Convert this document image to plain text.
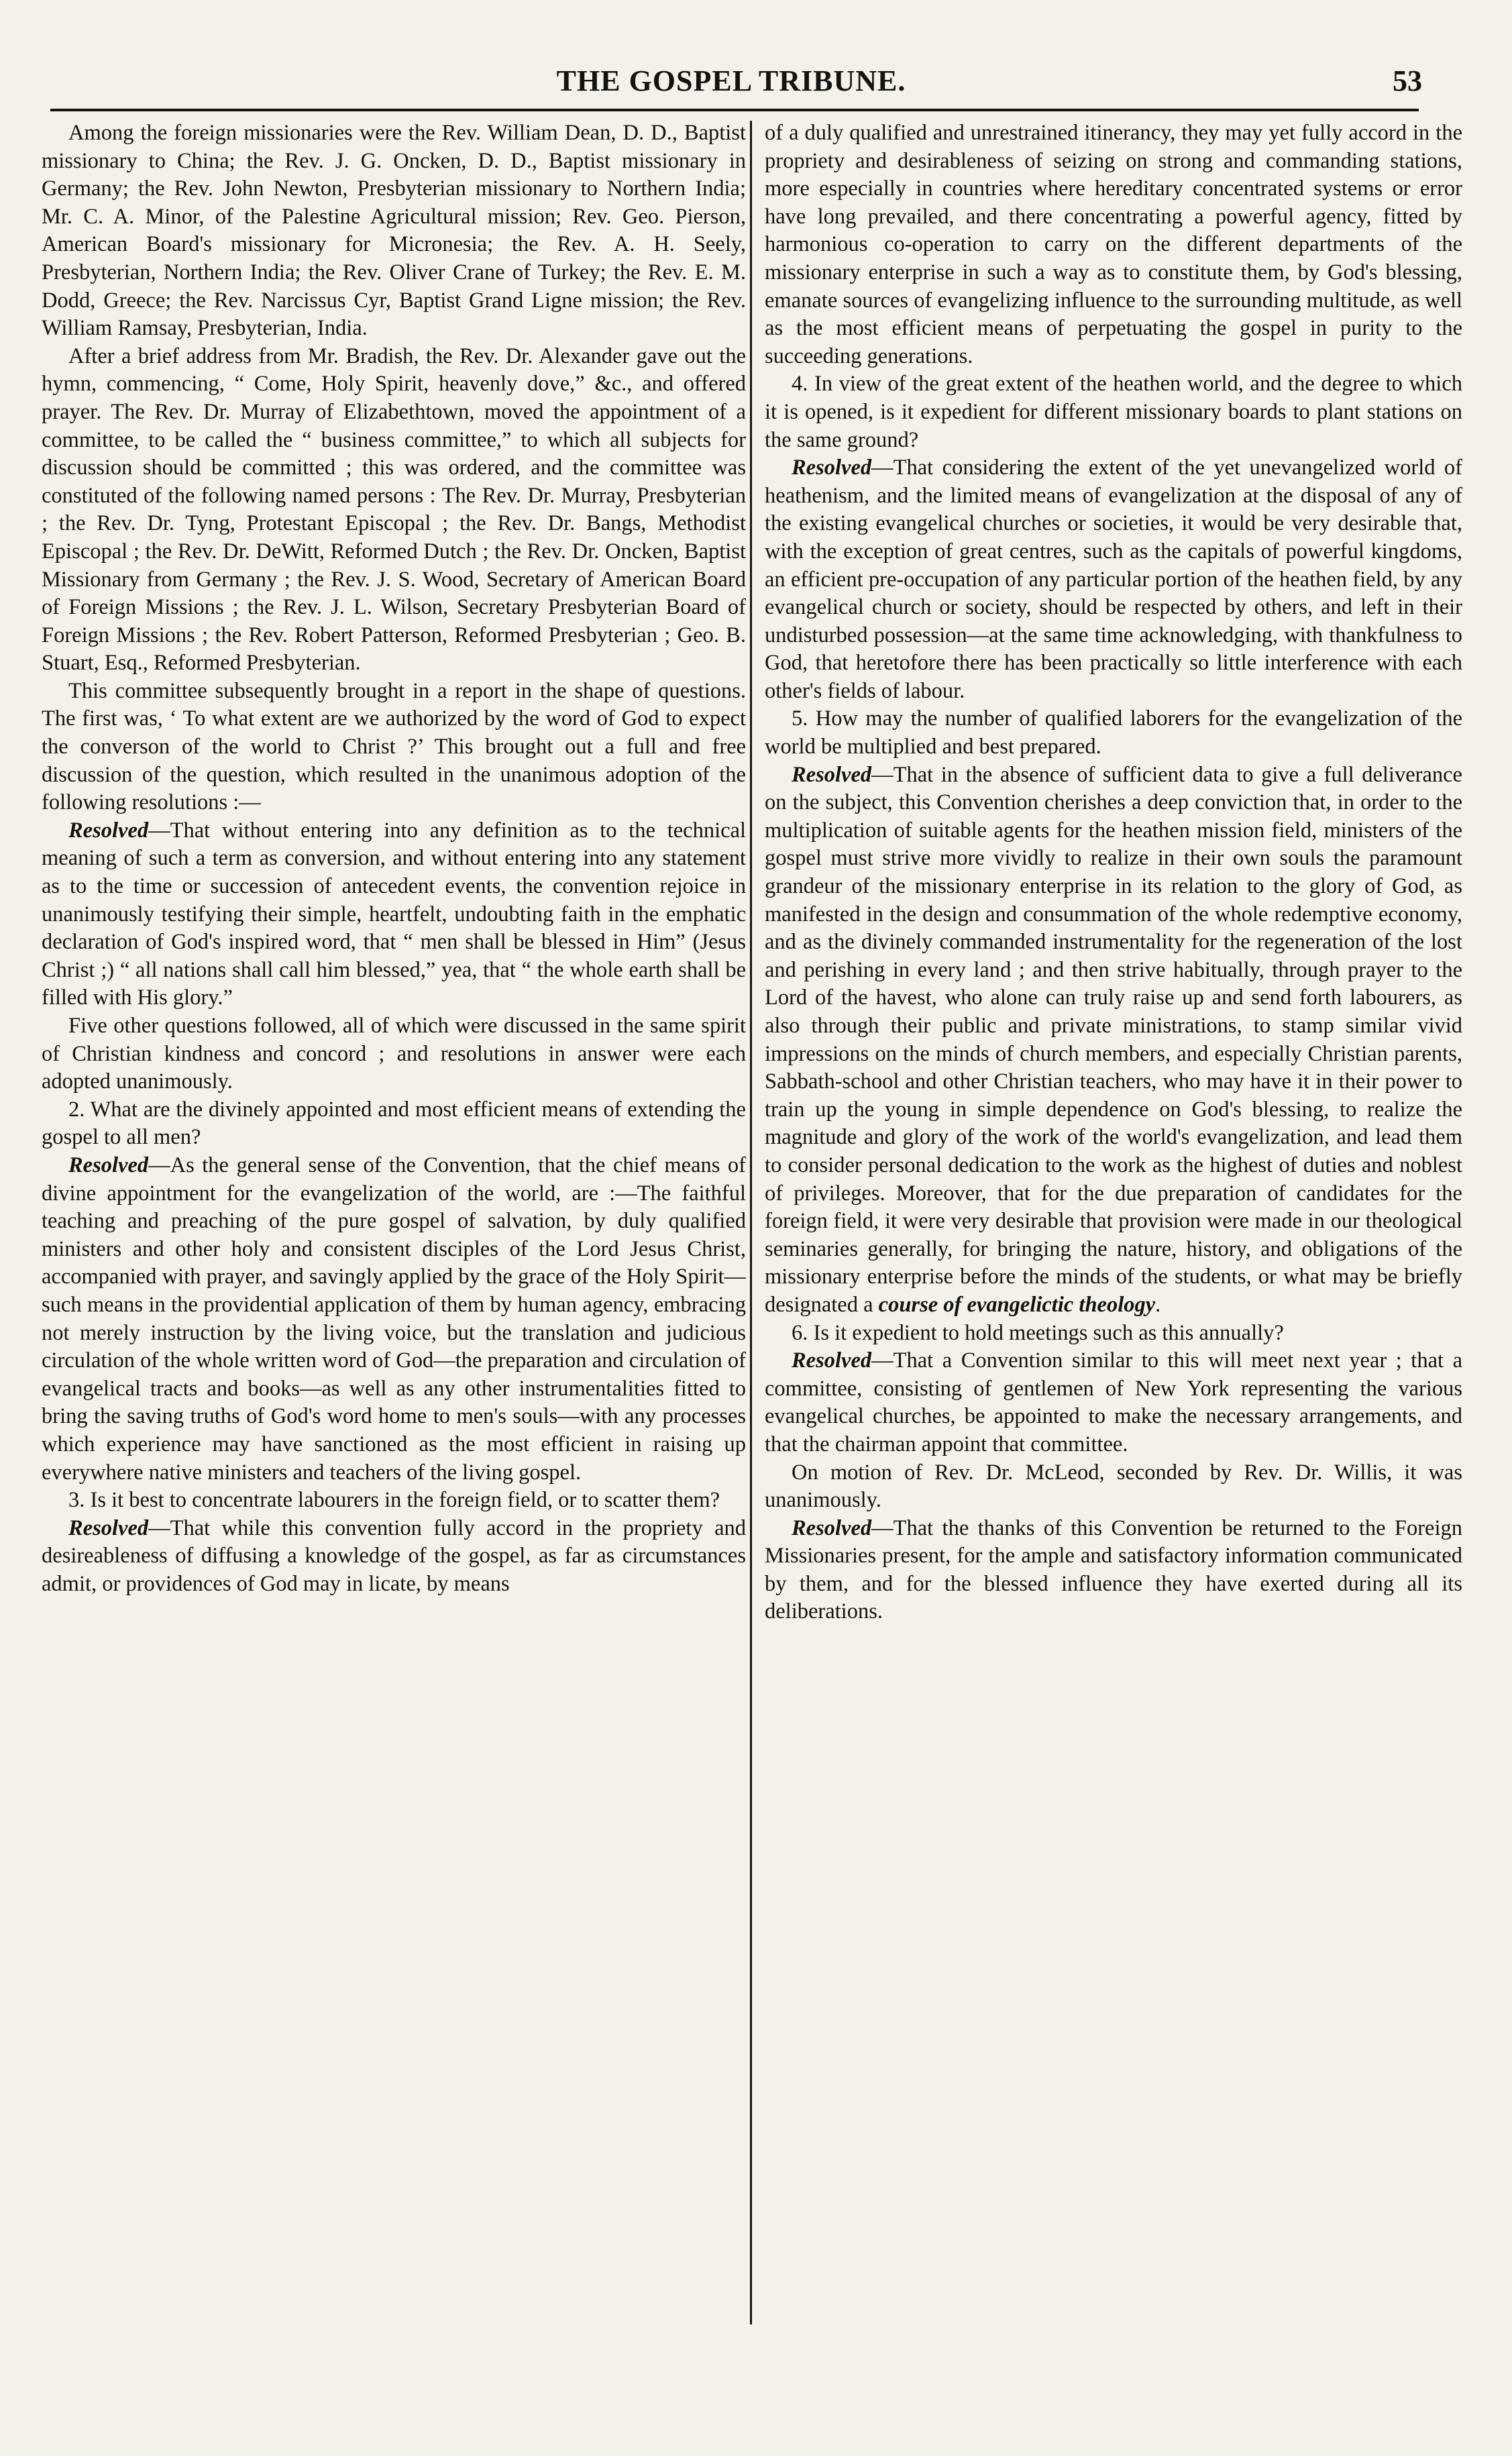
THE GOSPEL TRIBUNE.	53

Among the foreign missionaries were the Rev. William Dean, D. D., Baptist missionary to China; the Rev. J. G. Oncken, D. D., Baptist missionary in Germany; the Rev. John Newton, Presbyterian missionary to Northern India; Mr. C. A. Minor, of the Palestine Agricultural mission; Rev. Geo. Pierson, American Board's missionary for Micronesia; the Rev. A. H. Seely, Presbyterian, Northern India; the Rev. Oliver Crane of Turkey; the Rev. E. M. Dodd, Greece; the Rev. Narcissus Cyr, Baptist Grand Ligne mission; the Rev. William Ramsay, Presbyterian, India.

After a brief address from Mr. Bradish, the Rev. Dr. Alexander gave out the hymn, commencing, “ Come, Holy Spirit, heavenly dove,” &c., and offered prayer. The Rev. Dr. Murray of Elizabethtown, moved the appointment of a committee, to be called the “ business committee,” to which all subjects for discussion should be committed ; this was ordered, and the committee was constituted of the following named persons : The Rev. Dr. Murray, Presbyterian ; the Rev. Dr. Tyng, Protestant Episcopal ; the Rev. Dr. Bangs, Methodist Episcopal ; the Rev. Dr. DeWitt, Reformed Dutch ; the Rev. Dr. Oncken, Baptist Missionary from Germany ; the Rev. J. S. Wood, Secretary of American Board of Foreign Missions ; the Rev. J. L. Wilson, Secretary Presbyterian Board of Foreign Missions ; the Rev. Robert Patterson, Reformed Presbyterian ; Geo. B. Stuart, Esq., Reformed Presbyterian.

This committee subsequently brought in a report in the shape of questions. The first was, ‘ To what extent are we authorized by the word of God to expect the converson of the world to Christ ?’ This brought out a full and free discussion of the question, which resulted in the unanimous adoption of the following resolutions :—

Resolved—That without entering into any definition as to the technical meaning of such a term as conversion, and without entering into any statement as to the time or succession of antecedent events, the convention rejoice in unanimously testifying their simple, heartfelt, undoubting faith in the emphatic declaration of God's inspired word, that “ men shall be blessed in Him” (Jesus Christ ;) “ all nations shall call him blessed,” yea, that “ the whole earth shall be filled with His glory.”

Five other questions followed, all of which were discussed in the same spirit of Christian kindness and concord ; and resolutions in answer were each adopted unanimously.

2. What are the divinely appointed and most efficient means of extending the gospel to all men?

Resolved—As the general sense of the Convention, that the chief means of divine appointment for the evangelization of the world, are :—The faithful teaching and preaching of the pure gospel of salvation, by duly qualified ministers and other holy and consistent disciples of the Lord Jesus Christ, accompanied with prayer, and savingly applied by the grace of the Holy Spirit—such means in the providential application of them by human agency, embracing not merely instruction by the living voice, but the translation and judicious circulation of the whole written word of God—the preparation and circulation of evangelical tracts and books—as well as any other instrumentalities fitted to bring the saving truths of God's word home to men's souls—with any processes which experience may have sanctioned as the most efficient in raising up everywhere native ministers and teachers of the living gospel.

3. Is it best to concentrate labourers in the foreign field, or to scatter them?

Resolved—That while this convention fully accord in the propriety and desireableness of diffusing a knowledge of the gospel, as far as circumstances admit, or providences of God may in licate, by means

of a duly qualified and unrestrained itinerancy, they may yet fully accord in the propriety and desirableness of seizing on strong and commanding stations, more especially in countries where hereditary concentrated systems or error have long prevailed, and there concentrating a powerful agency, fitted by harmonious co-operation to carry on the different departments of the missionary enterprise in such a way as to constitute them, by God's blessing, emanate sources of evangelizing influence to the surrounding multitude, as well as the most efficient means of perpetuating the gospel in purity to the succeeding generations.

4. In view of the great extent of the heathen world, and the degree to which it is opened, is it expedient for different missionary boards to plant stations on the same ground?

Resolved—That considering the extent of the yet unevangelized world of heathenism, and the limited means of evangelization at the disposal of any of the existing evangelical churches or societies, it would be very desirable that, with the exception of great centres, such as the capitals of powerful kingdoms, an efficient pre-occupation of any particular portion of the heathen field, by any evangelical church or society, should be respected by others, and left in their undisturbed possession—at the same time acknowledging, with thankfulness to God, that heretofore there has been practically so little interference with each other's fields of labour.

5. How may the number of qualified laborers for the evangelization of the world be multiplied and best prepared.

Resolved—That in the absence of sufficient data to give a full deliverance on the subject, this Convention cherishes a deep conviction that, in order to the multiplication of suitable agents for the heathen mission field, ministers of the gospel must strive more vividly to realize in their own souls the paramount grandeur of the missionary enterprise in its relation to the glory of God, as manifested in the design and consummation of the whole redemptive economy, and as the divinely commanded instrumentality for the regeneration of the lost and perishing in every land ; and then strive habitually, through prayer to the Lord of the havest, who alone can truly raise up and send forth labourers, as also through their public and private ministrations, to stamp similar vivid impressions on the minds of church members, and especially Christian parents, Sabbath-school and other Christian teachers, who may have it in their power to train up the young in simple dependence on God's blessing, to realize the magnitude and glory of the work of the world's evangelization, and lead them to consider personal dedication to the work as the highest of duties and noblest of privileges. Moreover, that for the due preparation of candidates for the foreign field, it were very desirable that provision were made in our theological seminaries generally, for bringing the nature, history, and obligations of the missionary enterprise before the minds of the students, or what may be briefly designated a course of evangelictic theology.

6. Is it expedient to hold meetings such as this annually?

Resolved—That a Convention similar to this will meet next year ; that a committee, consisting of gentlemen of New York representing the various evangelical churches, be appointed to make the necessary arrangements, and that the chairman appoint that committee.

On motion of Rev. Dr. McLeod, seconded by Rev. Dr. Willis, it was unanimously.

Resolved—That the thanks of this Convention be returned to the Foreign Missionaries present, for the ample and satisfactory information communicated by them, and for the blessed influence they have exerted during all its deliberations.
